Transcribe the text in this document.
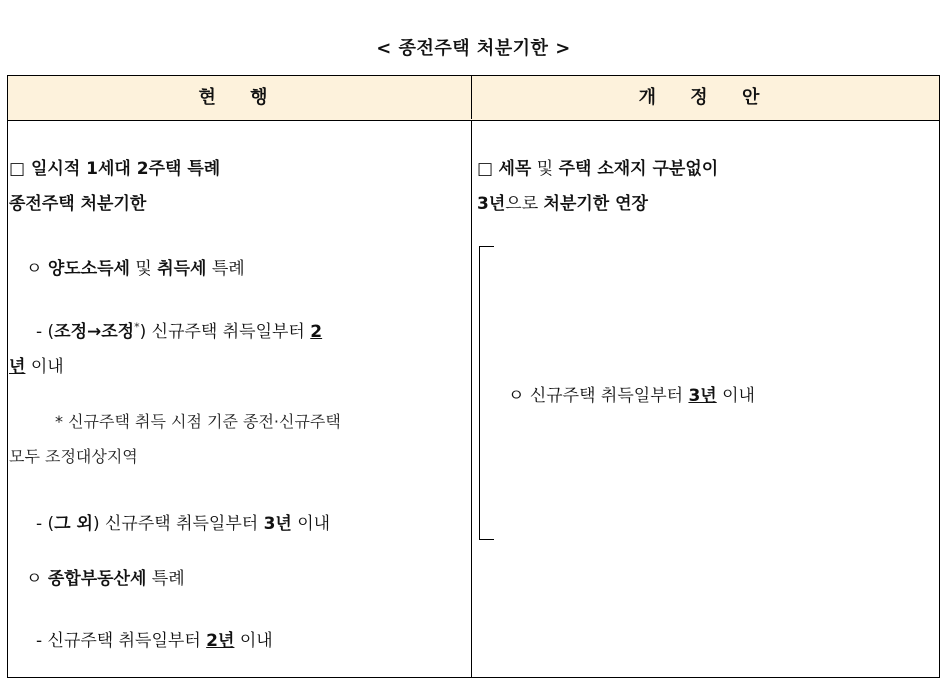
< 종전주택 처분기한 >
현 행	개 정 안
□ 일시적 1세대 2주택 특례
종전주택 처분기한
ㅇ 양도소득세 및 취득세 특례
- (조정→조정*) 신규주택 취득일부터 2
년 이내
* 신규주택 취득 시점 기준 종전·신규주택
모두 조정대상지역
- (그 외) 신규주택 취득일부터 3년 이내
ㅇ 종합부동산세 특례
- 신규주택 취득일부터 2년 이내
□ 세목 및 주택 소재지 구분없이
3년으로 처분기한 연장
ㅇ 신규주택 취득일부터 3년 이내
